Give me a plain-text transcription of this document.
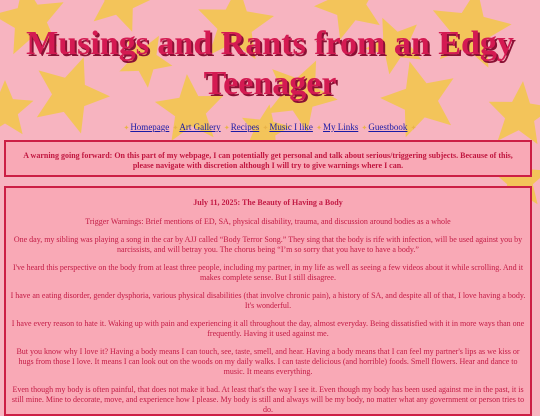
Musings and Rants from an Edgy Teenager
✦Homepage ✦Art Gallery ✦Recipes ✦Music I like ✦My Links ✦Guestbook ✦
A warning going forward: On this part of my webpage, I can potentially get personal and talk about serious/triggering subjects. Because of this, please navigate with discretion although I will try to give warnings where I can.

July 11, 2025: The Beauty of Having a Body

Trigger Warnings: Brief mentions of ED, SA, physical disability, trauma, and discussion around bodies as a whole

One day, my sibling was playing a song in the car by AJJ called “Body Terror Song.” They sing that the body is rife with infection, will be used against you by narcissists, and will betray you. The chorus being “I’m so sorry that you have to have a body.”

I've heard this perspective on the body from at least three people, including my partner, in my life as well as seeing a few videos about it while scrolling. And it makes complete sense. But I still disagree.

I have an eating disorder, gender dysphoria, various physical disabilities (that involve chronic pain), a history of SA, and despite all of that, I love having a body. It's wonderful.

I have every reason to hate it. Waking up with pain and experiencing it all throughout the day, almost everyday. Being dissatisfied with it in more ways than one frequently. Having it used against me.

But you know why I love it? Having a body means I can touch, see, taste, smell, and hear. Having a body means that I can feel my partner's lips as we kiss or hugs from those I love. It means I can look out on the woods on my daily walks. I can taste delicious (and horrible) foods. Smell flowers. Hear and dance to music. It means everything.

Even though my body is often painful, that does not make it bad. At least that's the way I see it. Even though my body has been used against me in the past, it is still mine. Mine to decorate, move, and experience how I please. My body is still and always will be my body, no matter what any government or person tries to do.
